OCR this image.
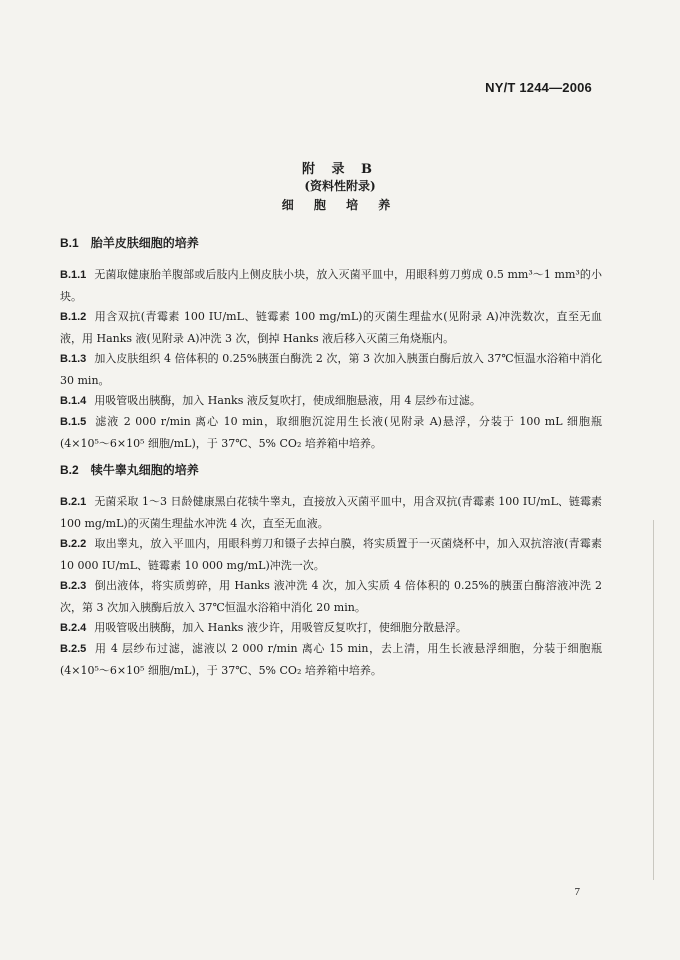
NY/T 1244—2006
附 录 B
(资料性附录)
细 胞 培 养
B.1 胎羊皮肤细胞的培养
B.1.1 无菌取健康胎羊腹部或后肢内上侧皮肤小块，放入灭菌平皿中，用眼科剪刀剪成 0.5 mm³～1 mm³的小块。
B.1.2 用含双抗(青霉素 100 IU/mL、链霉素 100 mg/mL)的灭菌生理盐水(见附录 A)冲洗数次，直至无血液，用 Hanks 液(见附录 A)冲洗 3 次，倒掉 Hanks 液后移入灭菌三角烧瓶内。
B.1.3 加入皮肤组织 4 倍体积的 0.25%胰蛋白酶洗 2 次，第 3 次加入胰蛋白酶后放入 37℃恒温水浴箱中消化 30 min。
B.1.4 用吸管吸出胰酶，加入 Hanks 液反复吹打，使成细胞悬液，用 4 层纱布过滤。
B.1.5 滤液 2 000 r/min 离心 10 min，取细胞沉淀用生长液(见附录 A)悬浮，分装于 100 mL 细胞瓶(4×10⁵～6×10⁵ 细胞/mL)，于 37℃、5% CO₂ 培养箱中培养。
B.2 犊牛睾丸细胞的培养
B.2.1 无菌采取 1～3 日龄健康黑白花犊牛睾丸，直接放入灭菌平皿中，用含双抗(青霉素 100 IU/mL、链霉素 100 mg/mL)的灭菌生理盐水冲洗 4 次，直至无血液。
B.2.2 取出睾丸，放入平皿内，用眼科剪刀和镊子去掉白膜，将实质置于一灭菌烧杯中，加入双抗溶液(青霉素 10 000 IU/mL、链霉素 10 000 mg/mL)冲洗一次。
B.2.3 倒出液体，将实质剪碎，用 Hanks 液冲洗 4 次，加入实质 4 倍体积的 0.25%的胰蛋白酶溶液冲洗 2 次，第 3 次加入胰酶后放入 37℃恒温水浴箱中消化 20 min。
B.2.4 用吸管吸出胰酶，加入 Hanks 液少许，用吸管反复吹打，使细胞分散悬浮。
B.2.5 用 4 层纱布过滤，滤液以 2 000 r/min 离心 15 min，去上清，用生长液悬浮细胞，分装于细胞瓶(4×10⁵～6×10⁵ 细胞/mL)，于 37℃、5% CO₂ 培养箱中培养。
7
